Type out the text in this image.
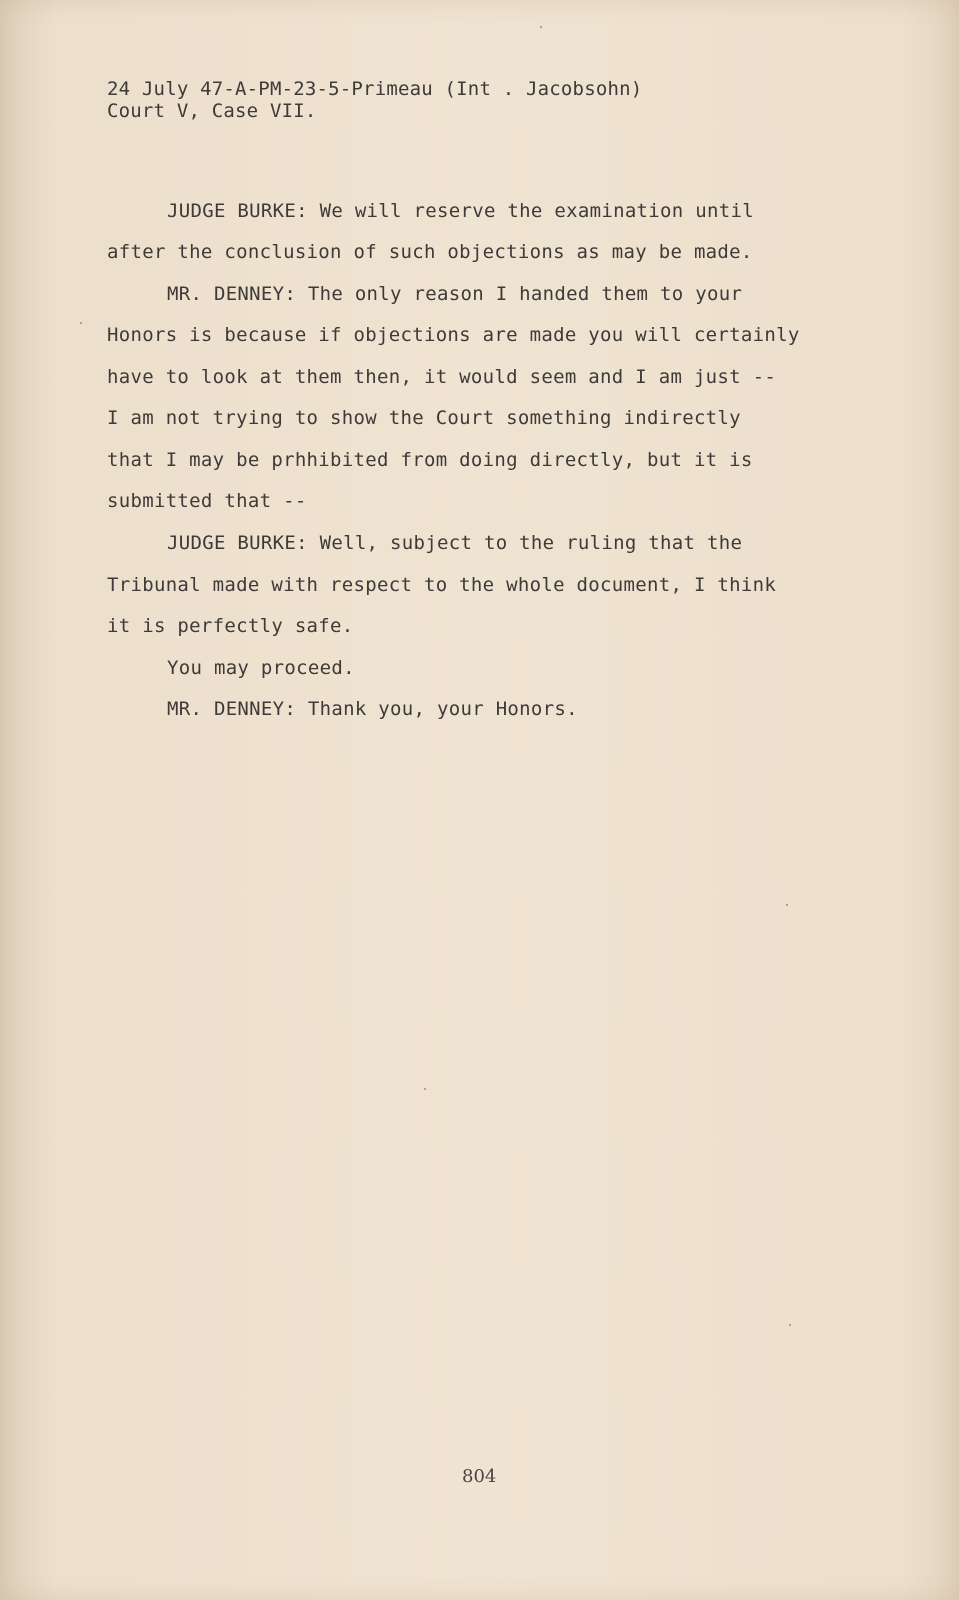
24 July 47-A-PM-23-5-Primeau (Int . Jacobsohn)
Court V, Case VII.
JUDGE BURKE: We will reserve the examination until
after the conclusion of such objections as may be made.
MR. DENNEY: The only reason I handed them to your
Honors is because if objections are made you will certainly
have to look at them then, it would seem and I am just --
I am not trying to show the Court something indirectly
that I may be prhhibited from doing directly, but it is
submitted that --
JUDGE BURKE: Well, subject to the ruling that the
Tribunal made with respect to the whole document, I think
it is perfectly safe.
You may proceed.
MR. DENNEY: Thank you, your Honors.
804
